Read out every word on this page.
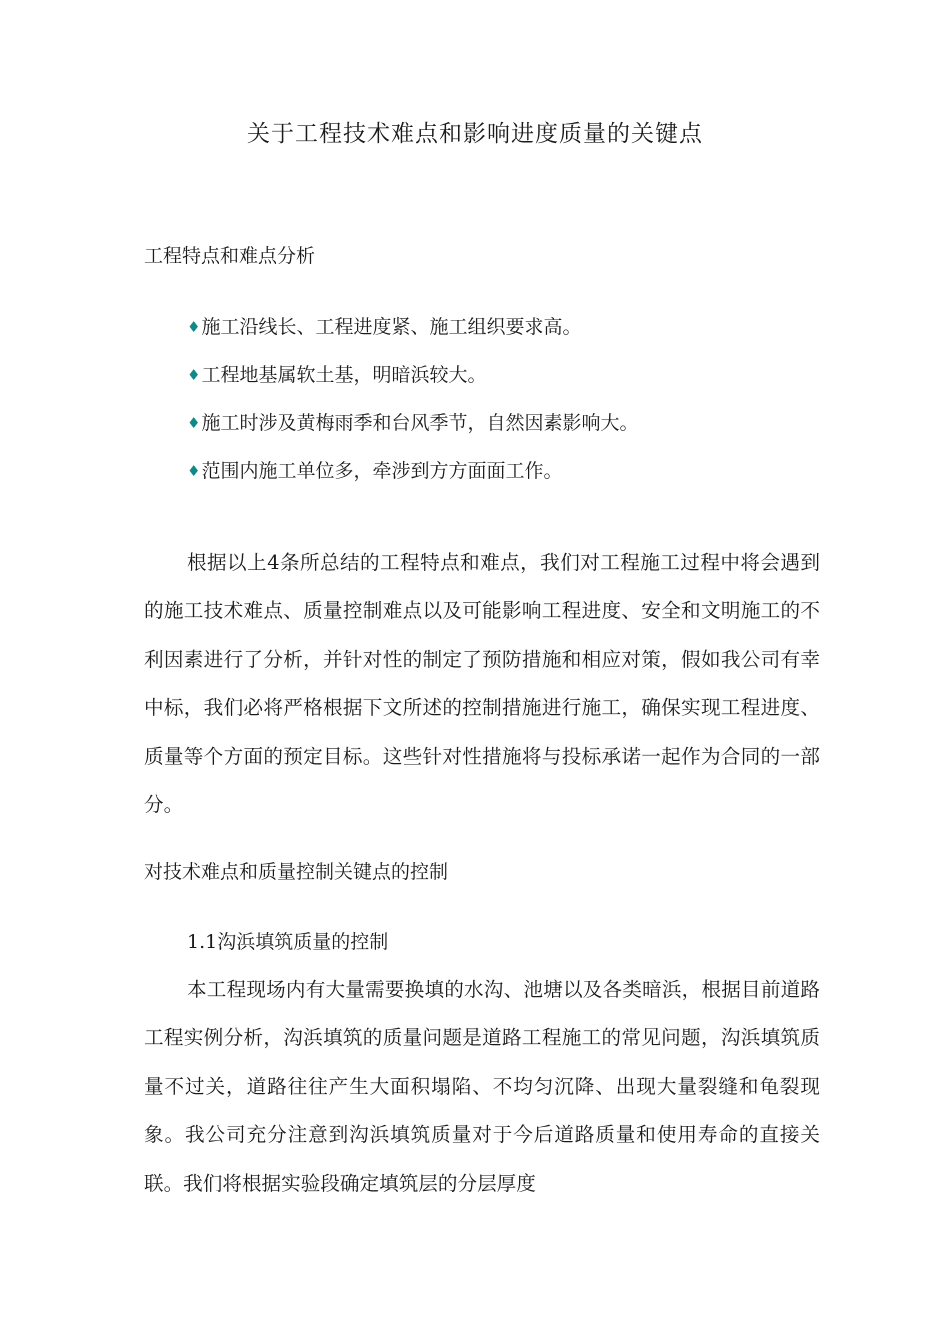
关于工程技术难点和影响进度质量的关键点
工程特点和难点分析
♦施工沿线长、工程进度紧、施工组织要求高。
♦工程地基属软土基，明暗浜较大。
♦施工时涉及黄梅雨季和台风季节，自然因素影响大。
♦范围内施工单位多，牵涉到方方面面工作。

根据以上4条所总结的工程特点和难点，我们对工程施工过程中将会遇到的施工技术难点、质量控制难点以及可能影响工程进度、安全和文明施工的不利因素进行了分析，并针对性的制定了预防措施和相应对策，假如我公司有幸中标，我们必将严格根据下文所述的控制措施进行施工，确保实现工程进度、质量等个方面的预定目标。这些针对性措施将与投标承诺一起作为合同的一部分。

对技术难点和质量控制关键点的控制
1.1沟浜填筑质量的控制

本工程现场内有大量需要换填的水沟、池塘以及各类暗浜，根据目前道路工程实例分析，沟浜填筑的质量问题是道路工程施工的常见问题，沟浜填筑质量不过关，道路往往产生大面积塌陷、不均匀沉降、出现大量裂缝和龟裂现象。我公司充分注意到沟浜填筑质量对于今后道路质量和使用寿命的直接关联。我们将根据实验段确定填筑层的分层厚度
